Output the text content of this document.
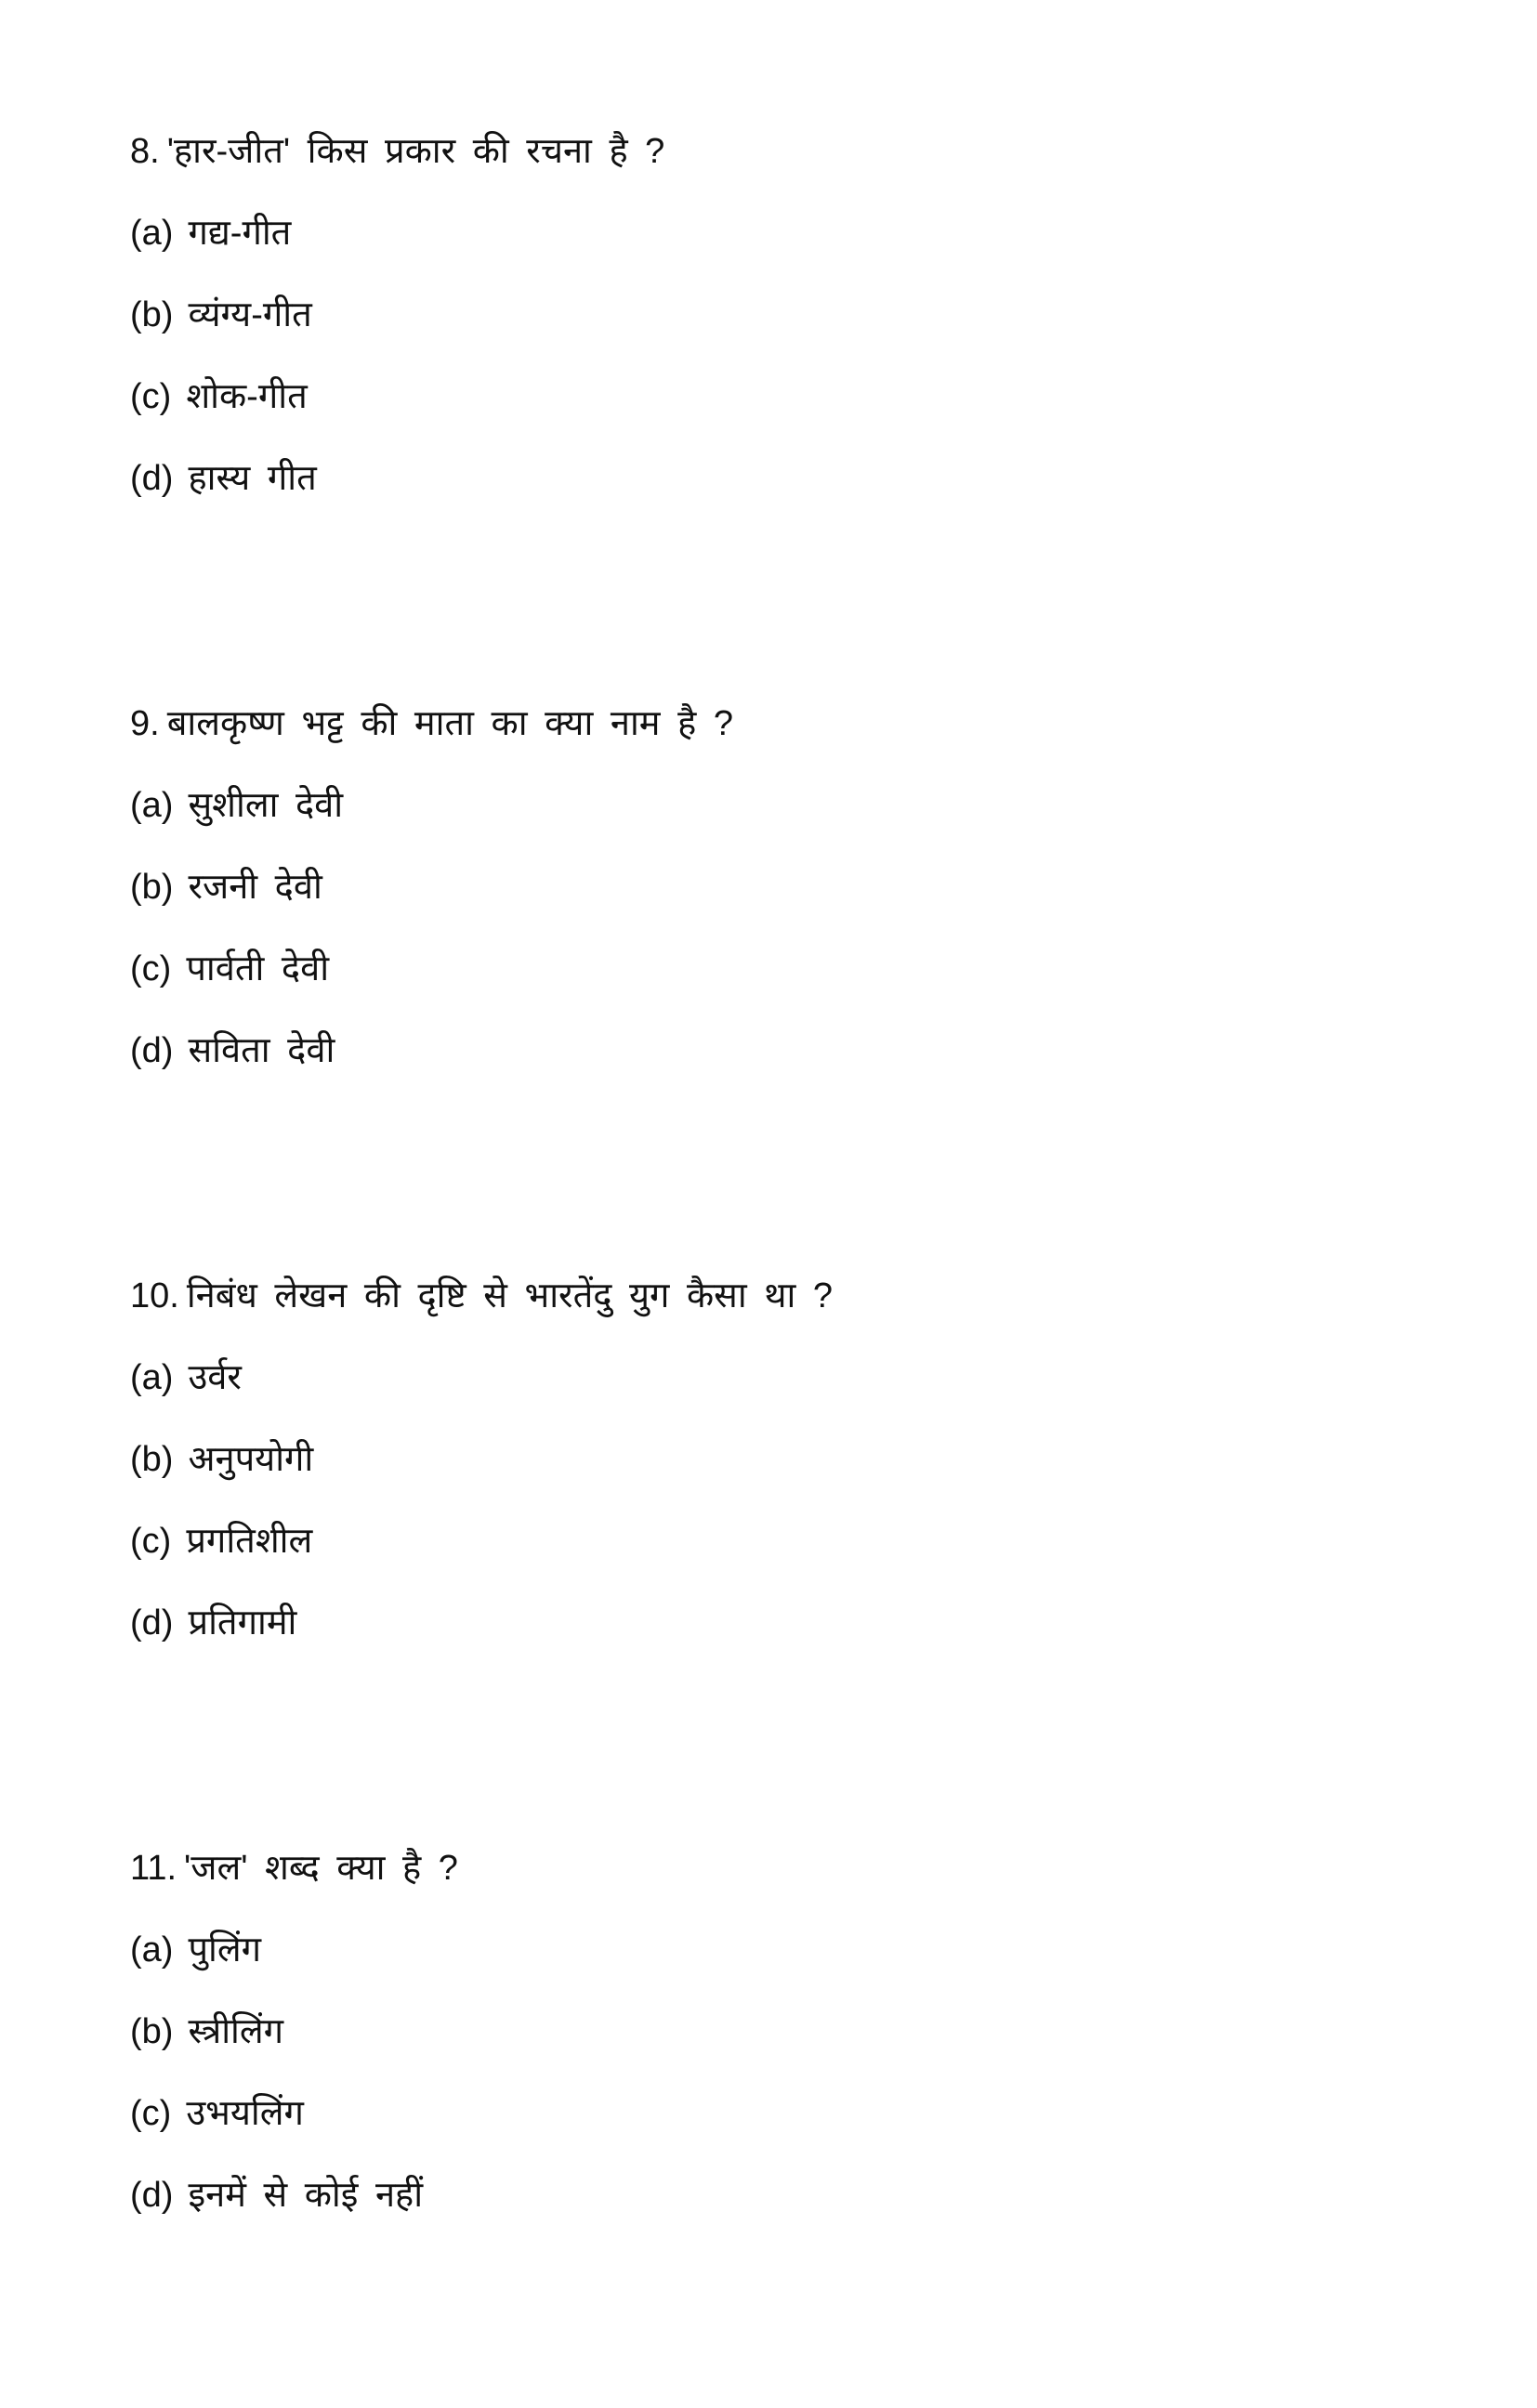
8. 'हार-जीत' किस प्रकार की रचना है ?
(a) गद्य-गीत
(b) व्यंग्य-गीत
(c) शोक-गीत
(d) हास्य गीत
9. बालकृष्ण भट्ट की माता का क्या नाम है ?
(a) सुशीला देवी
(b) रजनी देवी
(c) पार्वती देवी
(d) सविता देवी
10. निबंध लेखन की दृष्टि से भारतेंदु युग कैसा था ?
(a) उर्वर
(b) अनुपयोगी
(c) प्रगतिशील
(d) प्रतिगामी
11. 'जल' शब्द क्या है ?
(a) पुलिंग
(b) स्त्रीलिंग
(c) उभयलिंग
(d) इनमें से कोई नहीं
